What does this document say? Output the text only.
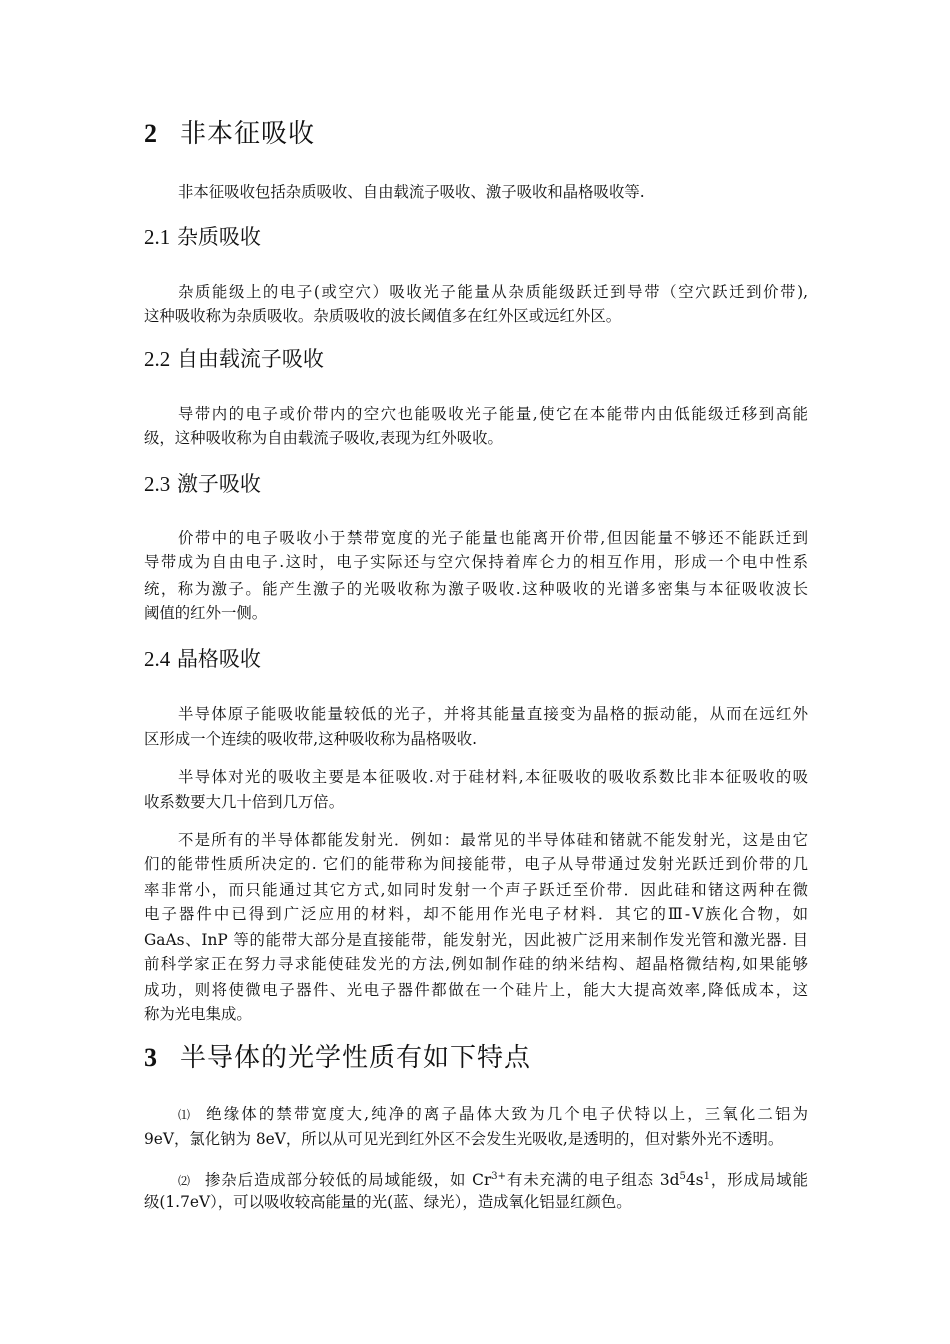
2 非本征吸收
非本征吸收包括杂质吸收、自由载流子吸收、激子吸收和晶格吸收等.
2.1 杂质吸收
杂质能级上的电子(或空穴）吸收光子能量从杂质能级跃迁到导带（空穴跃迁到价带),
这种吸收称为杂质吸收。杂质吸收的波长阈值多在红外区或远红外区。
2.2 自由载流子吸收
导带内的电子或价带内的空穴也能吸收光子能量,使它在本能带内由低能级迁移到高能
级，这种吸收称为自由载流子吸收,表现为红外吸收。
2.3 激子吸收
价带中的电子吸收小于禁带宽度的光子能量也能离开价带,但因能量不够还不能跃迁到
导带成为自由电子.这时，电子实际还与空穴保持着库仑力的相互作用，形成一个电中性系
统，称为激子。能产生激子的光吸收称为激子吸收.这种吸收的光谱多密集与本征吸收波长
阈值的红外一侧。
2.4 晶格吸收
半导体原子能吸收能量较低的光子，并将其能量直接变为晶格的振动能，从而在远红外
区形成一个连续的吸收带,这种吸收称为晶格吸收.
半导体对光的吸收主要是本征吸收.对于硅材料,本征吸收的吸收系数比非本征吸收的吸
收系数要大几十倍到几万倍。
不是所有的半导体都能发射光．例如：最常见的半导体硅和锗就不能发射光，这是由它
们的能带性质所决定的. 它们的能带称为间接能带，电子从导带通过发射光跃迁到价带的几
率非常小，而只能通过其它方式,如同时发射一个声子跃迁至价带．因此硅和锗这两种在微
电子器件中已得到广泛应用的材料，却不能用作光电子材料．其它的Ⅲ-Ⅴ族化合物，如
GaAs、InP 等的能带大部分是直接能带，能发射光，因此被广泛用来制作发光管和激光器. 目
前科学家正在努力寻求能使硅发光的方法,例如制作硅的纳米结构、超晶格微结构,如果能够
成功，则将使微电子器件、光电子器件都做在一个硅片上，能大大提高效率,降低成本，这
称为光电集成。
3 半导体的光学性质有如下特点
⑴ 绝缘体的禁带宽度大,纯净的离子晶体大致为几个电子伏特以上，三氧化二铝为
9eV，氯化钠为 8eV，所以从可见光到红外区不会发生光吸收,是透明的，但对紫外光不透明。
⑵ 掺杂后造成部分较低的局域能级，如 $Cr^{3+}$有未充满的电子组态 $3d^54s^1$，形成局域能
级(1.7eV），可以吸收较高能量的光(蓝、绿光），造成氧化铝显红颜色。
